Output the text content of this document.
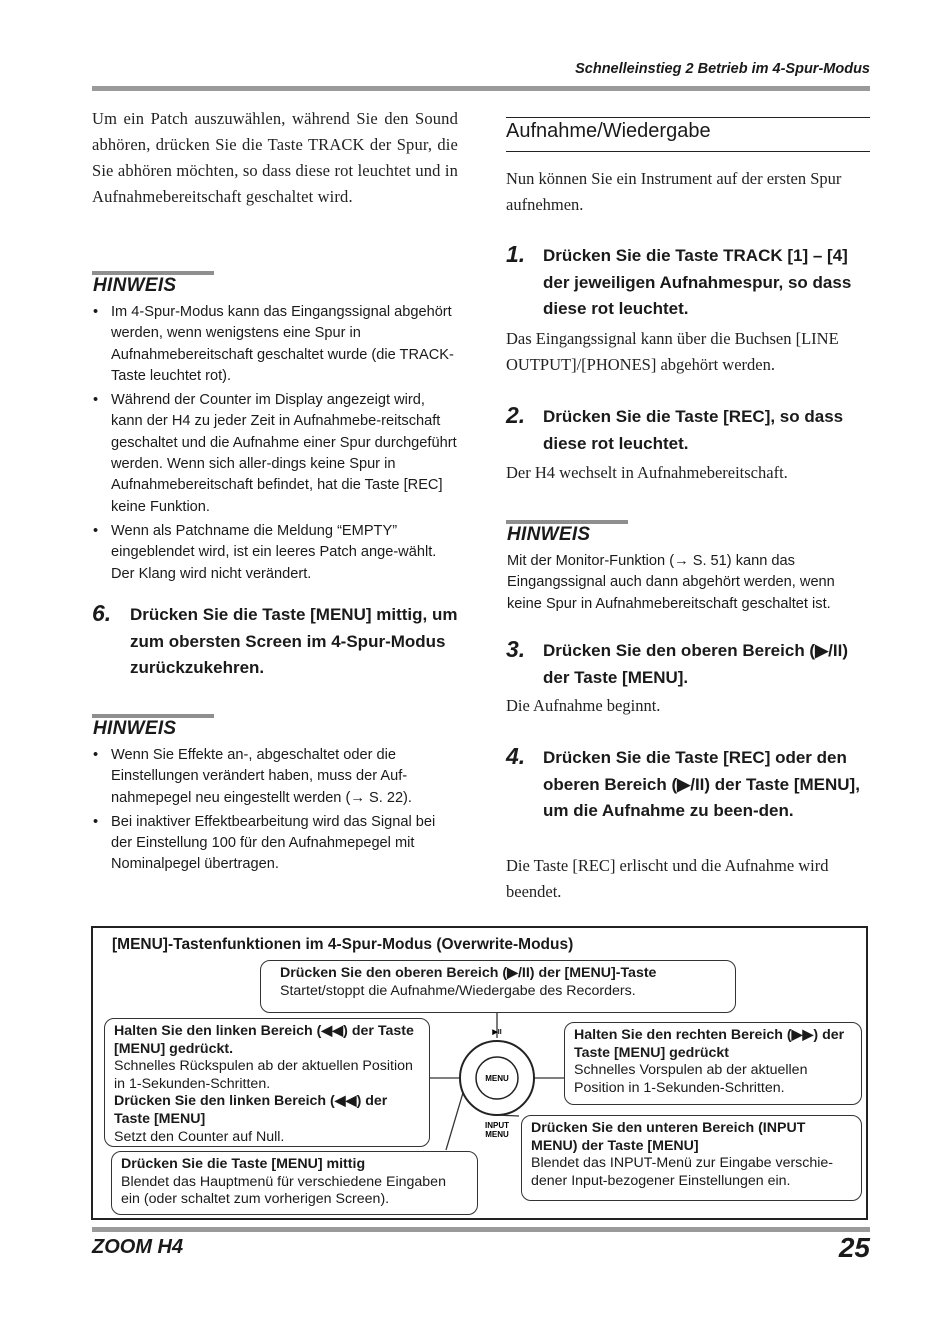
Schnelleinstieg 2 Betrieb im 4-Spur-Modus
Um ein Patch auszuwählen, während Sie den Sound abhören, drücken Sie die Taste TRACK der Spur, die Sie abhören möchten, so dass diese rot leuchtet und in Aufnahmebereitschaft geschaltet wird.
HINWEIS
• Im 4-Spur-Modus kann das Eingangssignal abgehört werden, wenn wenigstens eine Spur in Aufnahmebereitschaft geschaltet wurde (die TRACK-Taste leuchtet rot).
• Während der Counter im Display angezeigt wird, kann der H4 zu jeder Zeit in Aufnahmebe-reitschaft geschaltet und die Aufnahme einer Spur durchgeführt werden. Wenn sich aller-dings keine Spur in Aufnahmebereitschaft befindet, hat die Taste [REC] keine Funktion.
• Wenn als Patchname die Meldung “EMPTY” eingeblendet wird, ist ein leeres Patch ange-wählt. Der Klang wird nicht verändert.
6. Drücken Sie die Taste [MENU] mittig, um zum obersten Screen im 4-Spur-Modus zurückzukehren.
HINWEIS
• Wenn Sie Effekte an-, abgeschaltet oder die Einstellungen verändert haben, muss der Auf-nahmepegel neu eingestellt werden (→ S. 22).
• Bei inaktiver Effektbearbeitung wird das Signal bei der Einstellung 100 für den Aufnahmepegel mit Nominalpegel übertragen.
Aufnahme/Wiedergabe
Nun können Sie ein Instrument auf der ersten Spur aufnehmen.
1. Drücken Sie die Taste TRACK [1] – [4] der jeweiligen Aufnahmespur, so dass diese rot leuchtet.
Das Eingangssignal kann über die Buchsen [LINE OUTPUT]/[PHONES] abgehört werden.
2. Drücken Sie die Taste [REC], so dass diese rot leuchtet.
Der H4 wechselt in Aufnahmebereitschaft.
HINWEIS
Mit der Monitor-Funktion (→ S. 51) kann das Eingangssignal auch dann abgehört werden, wenn keine Spur in Aufnahmebereitschaft geschaltet ist.
3. Drücken Sie den oberen Bereich (▶/II) der Taste [MENU].
Die Aufnahme beginnt.
4. Drücken Sie die Taste [REC] oder den oberen Bereich (▶/II) der Taste [MENU], um die Aufnahme zu been-den.
Die Taste [REC] erlischt und die Aufnahme wird beendet.
[MENU]-Tastenfunktionen im 4-Spur-Modus (Overwrite-Modus)
MENU
▶II
INPUT
MENU
Drücken Sie den oberen Bereich (▶/II) der [MENU]-Taste
Startet/stoppt die Aufnahme/Wiedergabe des Recorders.
Halten Sie den linken Bereich (◀◀) der Taste [MENU] gedrückt.
Schnelles Rückspulen ab der aktuellen Position in 1-Sekunden-Schritten.
Drücken Sie den linken Bereich (◀◀) der Taste [MENU]
Setzt den Counter auf Null.
Halten Sie den rechten Bereich (▶▶) der Taste [MENU] gedrückt
Schnelles Vorspulen ab der aktuellen Position in 1-Sekunden-Schritten.
Drücken Sie die Taste [MENU] mittig
Blendet das Hauptmenü für verschiedene Eingaben ein (oder schaltet zum vorherigen Screen).
Drücken Sie den unteren Bereich (INPUT MENU) der Taste [MENU]
Blendet das INPUT-Menü zur Eingabe verschie-dener Input-bezogener Einstellungen ein.
ZOOM H4	25
